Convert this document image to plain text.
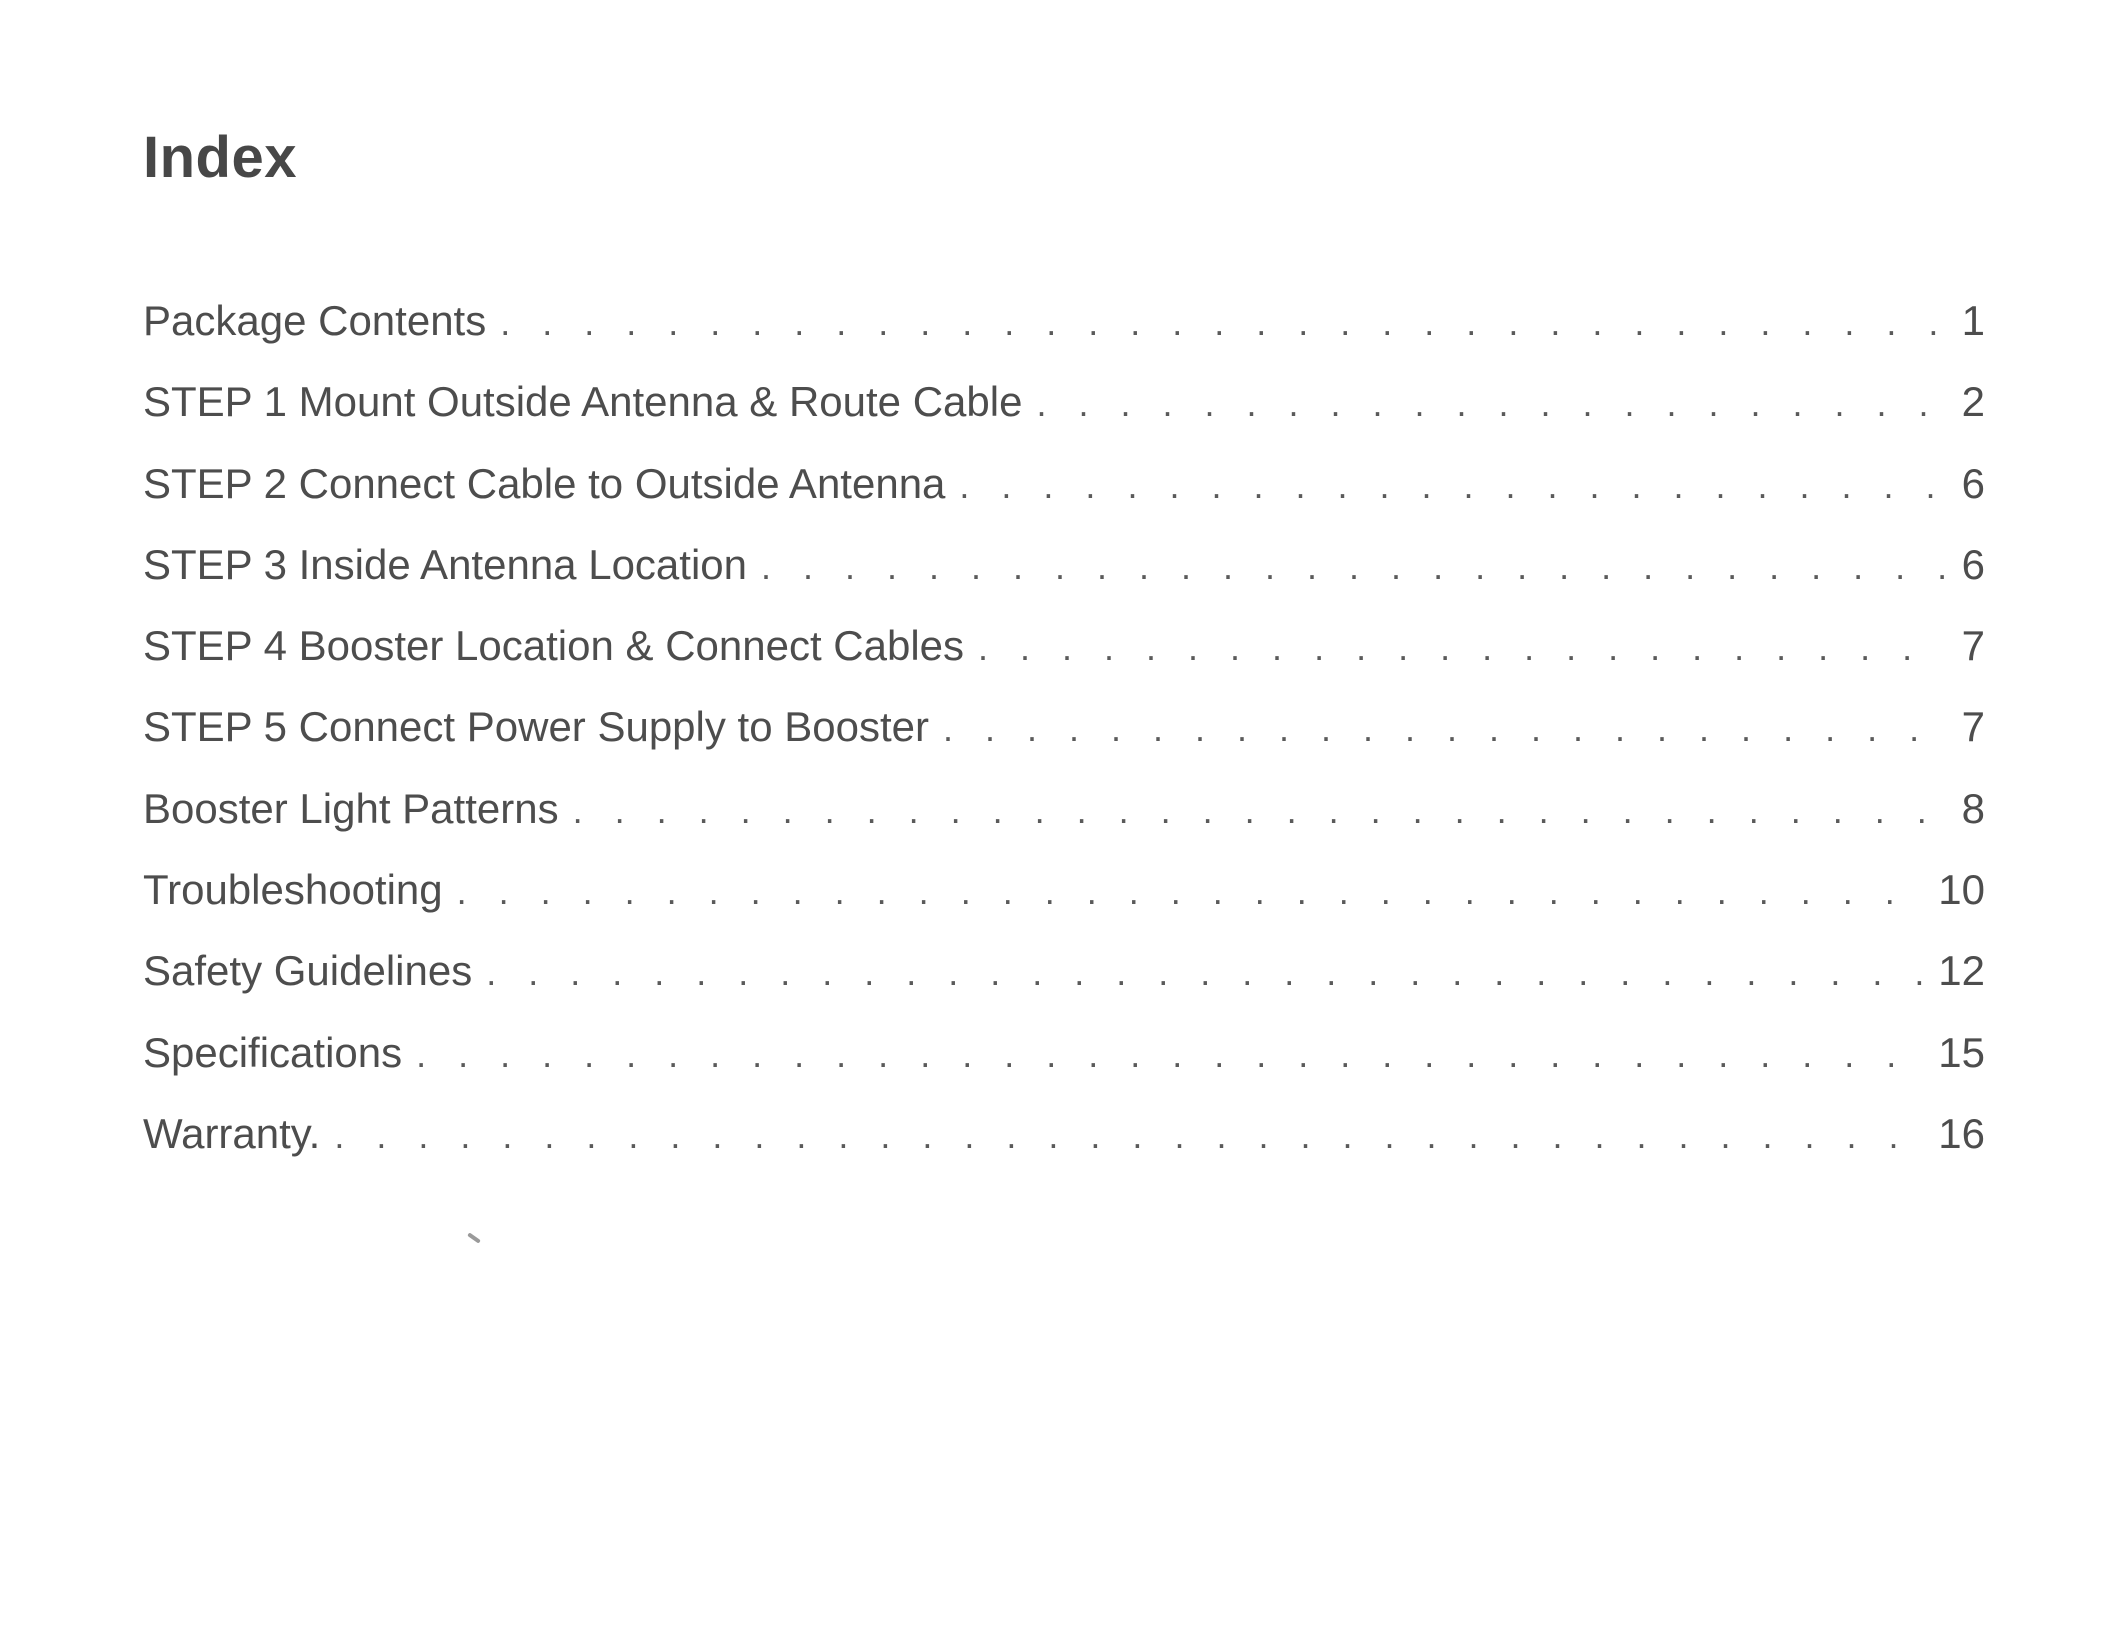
Index
Package Contents . . .	1
STEP 1 Mount Outside Antenna & Route Cable . . .	2
STEP 2 Connect Cable to Outside Antenna . . .	6
STEP 3 Inside Antenna Location . . .	6
STEP 4 Booster Location & Connect Cables . . .	7
STEP 5 Connect Power Supply to Booster . . .	7
Booster Light Patterns . . .	8
Troubleshooting . . .	10
Safety Guidelines . . .	12
Specifications . . .	15
Warranty. . . .	16
